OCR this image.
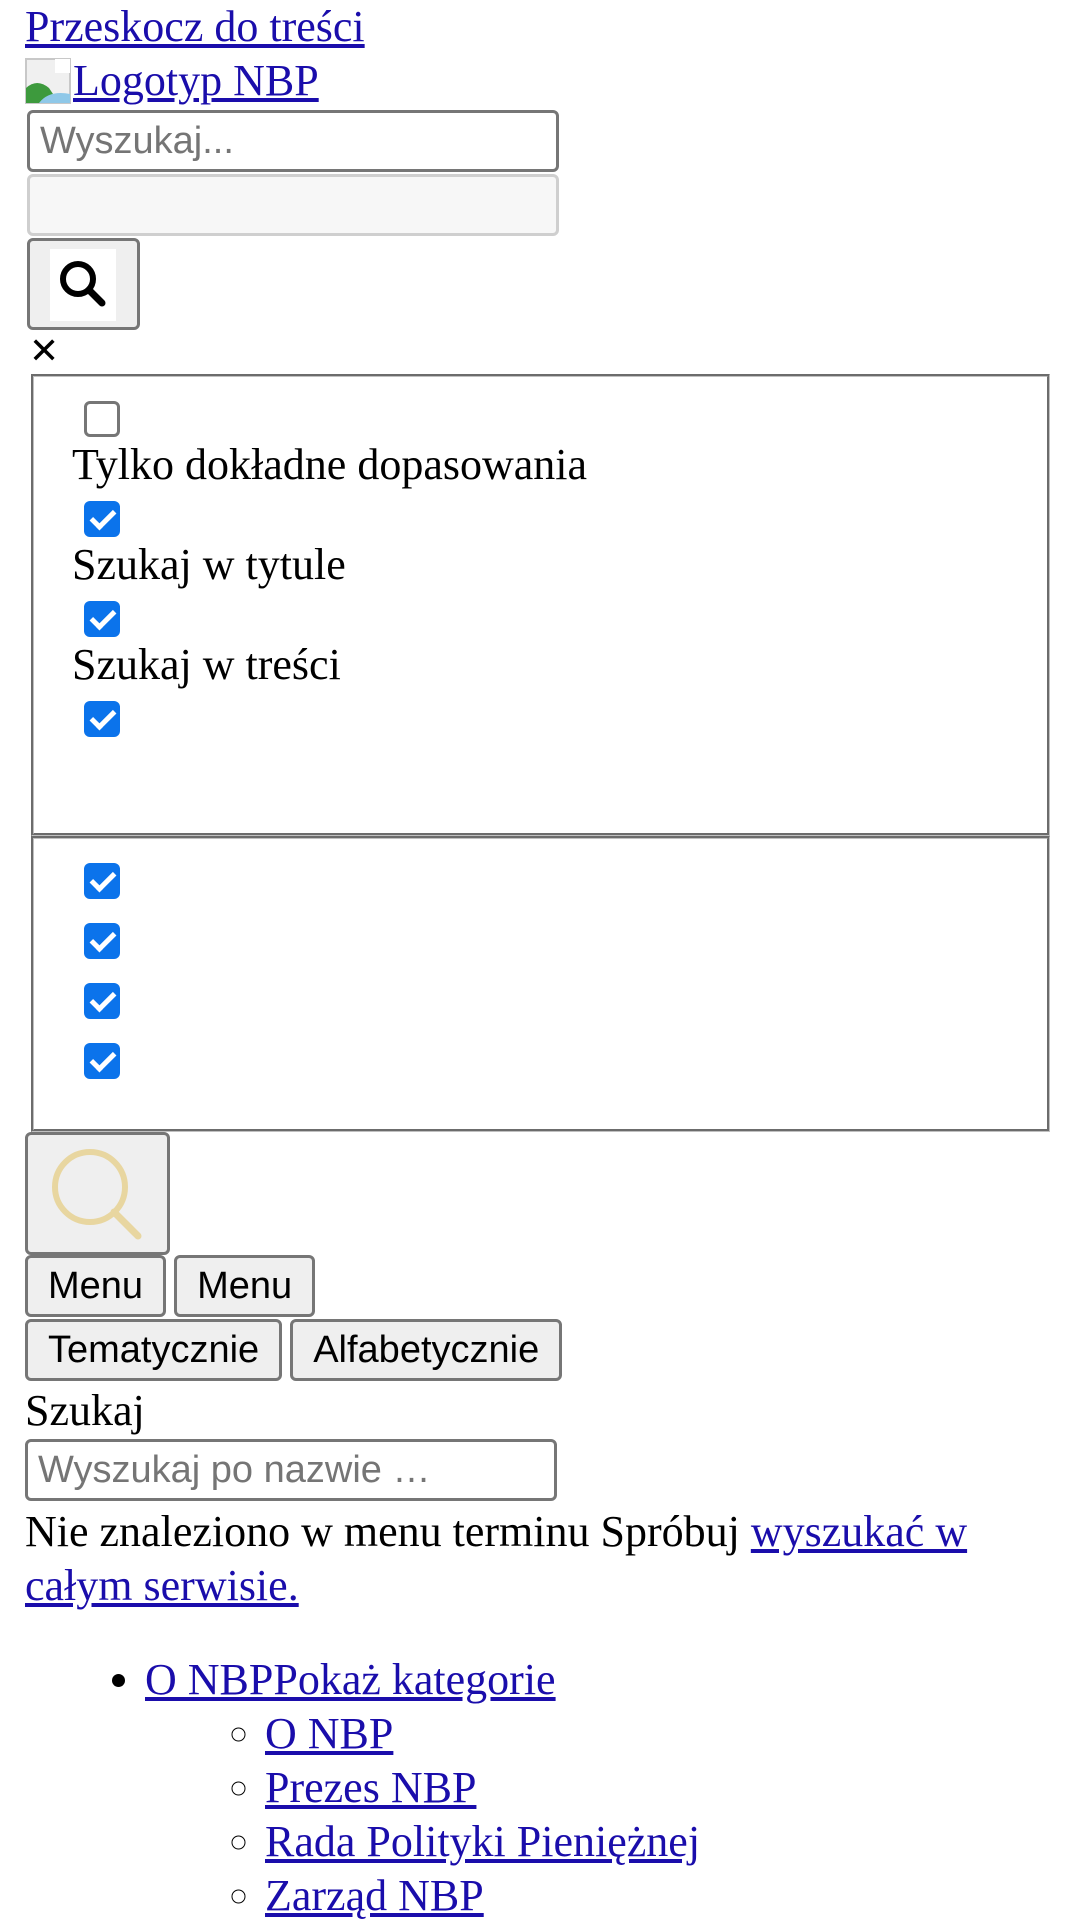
Przeskocz do treści
Logotyp NBP
Wyszukaj...
✕
Tylko dokładne dopasowania
Szukaj w tytule
Szukaj w treści
Menu Menu
Tematycznie Alfabetycznie
Szukaj
Wyszukaj po nazwie …
Nie znaleziono w menu terminu Spróbuj wyszukać w całym serwisie.
• O NBPPokaż kategorie
◦ O NBP
◦ Prezes NBP
◦ Rada Polityki Pieniężnej
◦ Zarząd NBP
